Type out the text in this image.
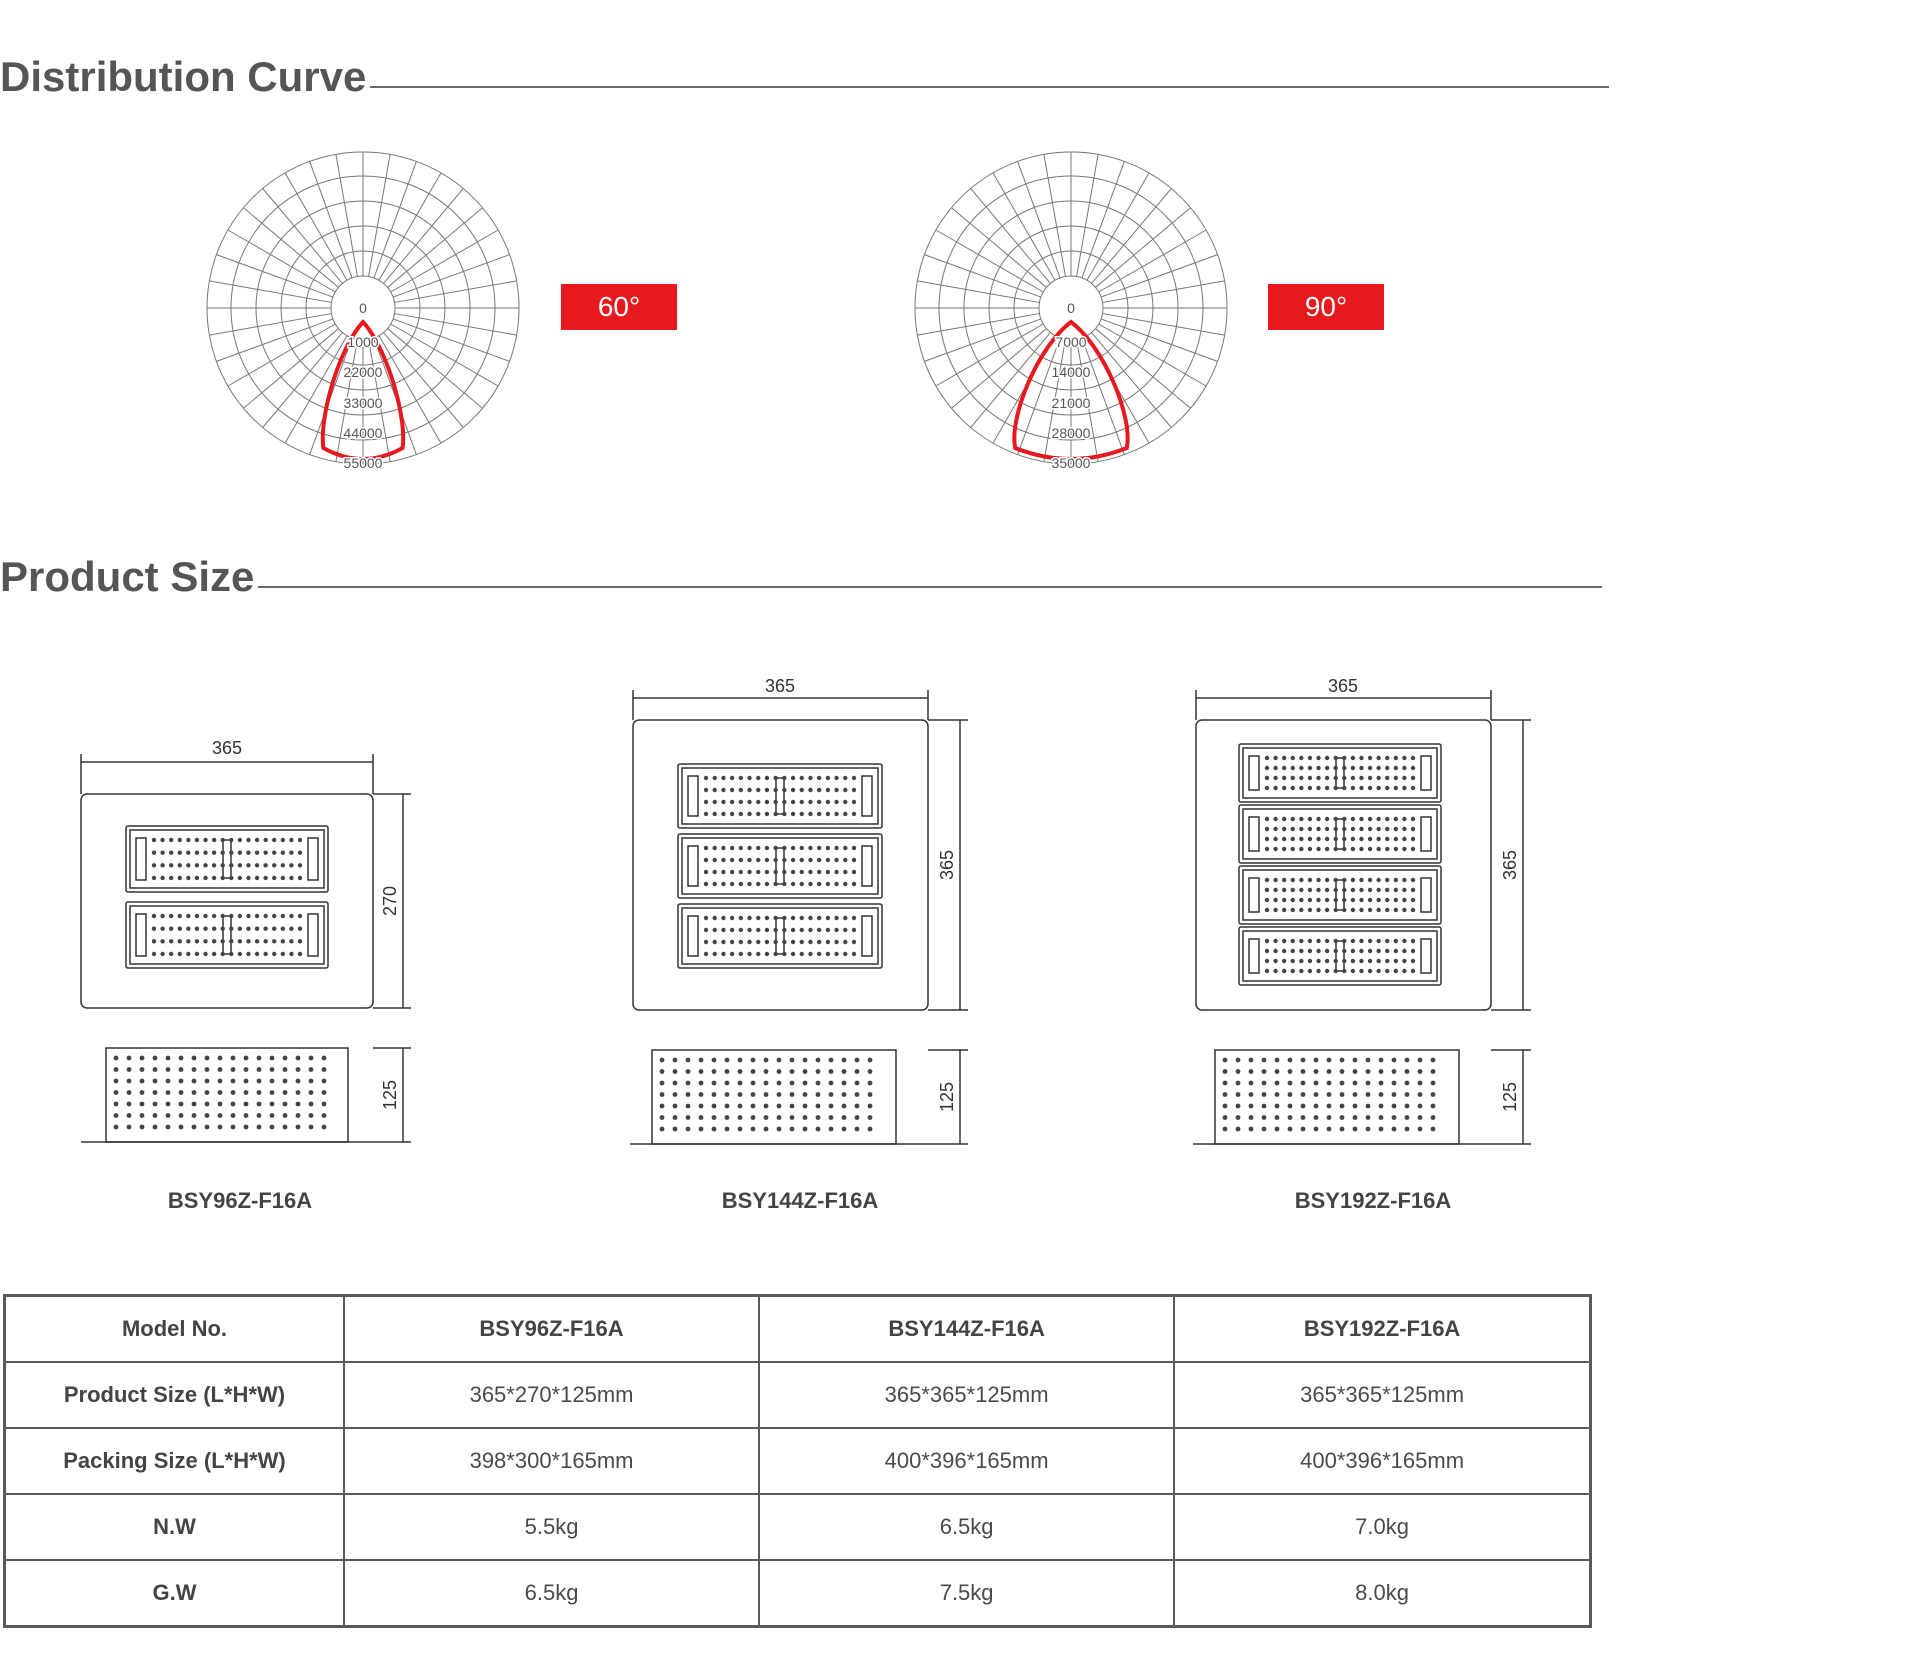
Distribution Curve
0
1000
22000
33000
44000
55000
60°	0
7000
14000
21000
28000
35000
90°
Product Size
365
270
125
BSY96Z-F16A
365
365
125
BSY144Z-F16A
365
365
125
BSY192Z-F16A
Model No.	BSY96Z-F16A	BSY144Z-F16A	BSY192Z-F16A
Product Size (L*H*W)	365*270*125mm	365*365*125mm	365*365*125mm
Packing Size (L*H*W)	398*300*165mm	400*396*165mm	400*396*165mm
N.W	5.5kg	6.5kg	7.0kg
G.W	6.5kg	7.5kg	8.0kg
